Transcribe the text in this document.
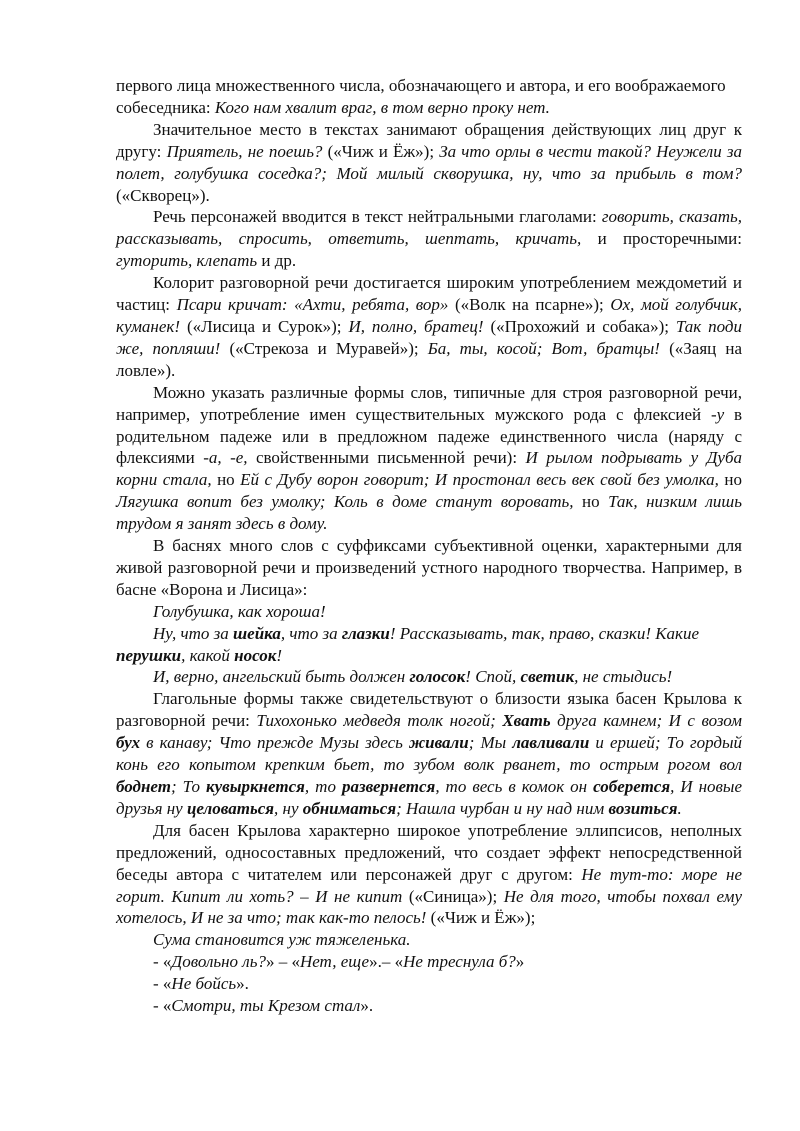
первого лица множественного числа, обозначающего и автора, и его воображаемого собеседника: Кого нам хвалит враг, в том верно проку нет.

Значительное место в текстах занимают обращения действующих лиц друг к другу: Приятель, не поешь? («Чиж и Ёж»); За что орлы в чести такой? Неужели за полет, голубушка соседка?; Мой милый скворушка, ну, что за прибыль в том? («Скворец»).

Речь персонажей вводится в текст нейтральными глаголами: говорить, сказать, рассказывать, спросить, ответить, шептать, кричать, и просторечными: гуторить, клепать и др.

Колорит разговорной речи достигается широким употреблением междометий и частиц: Псари кричат: «Ахти, ребята, вор» («Волк на псарне»); Ох, мой голубчик, куманек! («Лисица и Сурок»); И, полно, братец! («Прохожий и собака»); Так поди же, попляши! («Стрекоза и Муравей»); Ба, ты, косой; Вот, братцы! («Заяц на ловле»).

Можно указать различные формы слов, типичные для строя разговорной речи, например, употребление имен существительных мужского рода с флексией -у в родительном падеже или в предложном падеже единственного числа (наряду с флексиями -а, -е, свойственными письменной речи): И рылом подрывать у Дуба корни стала, но Ей с Дубу ворон говорит; И простонал весь век свой без умолка, но Лягушка вопит без умолку; Коль в доме станут воровать, но Так, низким лишь трудом я занят здесь в дому.

В баснях много слов с суффиксами субъективной оценки, характерными для живой разговорной речи и произведений устного народного творчества. Например, в басне «Ворона и Лисица»:

Голубушка, как хороша!

Ну, что за шейка, что за глазки! Рассказывать, так, право, сказки! Какие перушки, какой носок!

И, верно, ангельский быть должен голосок! Спой, светик, не стыдись!

Глагольные формы также свидетельствуют о близости языка басен Крылова к разговорной речи: Тихохонько медведя толк ногой; Хвать друга камнем; И с возом бух в канаву; Что прежде Музы здесь живали; Мы лавливали и ершей; То гордый конь его копытом крепким бьет, то зубом волк рванет, то острым рогом вол боднет; То кувыркнется, то развернется, то весь в комок он соберется, И новые друзья ну целоваться, ну обниматься; Нашла чурбан и ну над ним возиться.

Для басен Крылова характерно широкое употребление эллипсисов, неполных предложений, односоставных предложений, что создает эффект непосредственной беседы автора с читателем или персонажей друг с другом: Не тут-то: море не горит. Кипит ли хоть? – И не кипит («Синица»); Не для того, чтобы похвал ему хотелось, И не за что; так как-то пелось! («Чиж и Ёж»);

Сума становится уж тяжеленька.

- «Довольно ль?» – «Нет, еще».– «Не треснула б?»

- «Не бойсь».

- «Смотри, ты Крезом стал».
